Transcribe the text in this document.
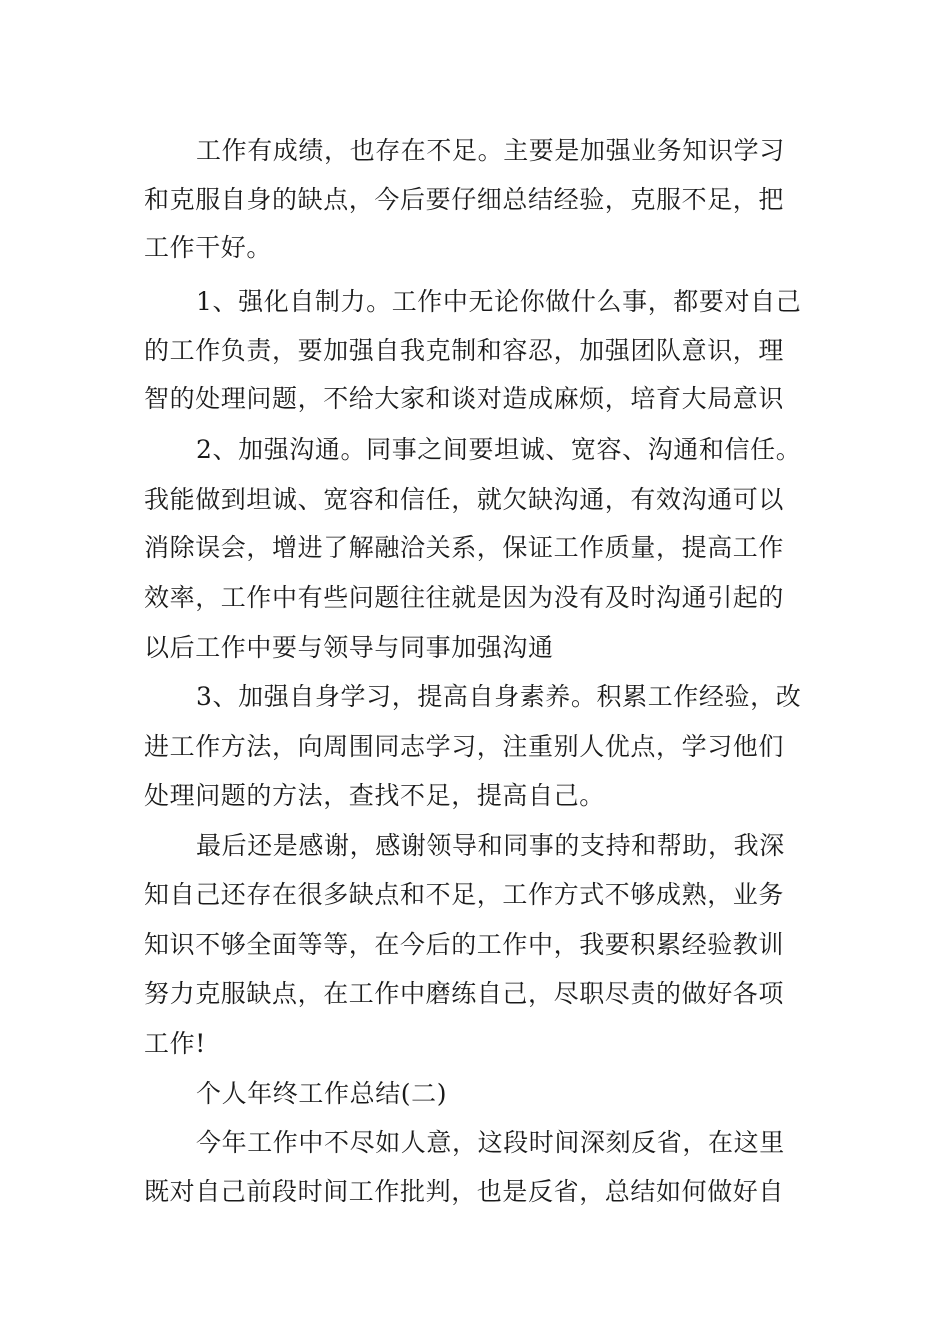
工作有成绩，也存在不足。主要是加强业务知识学习
和克服自身的缺点，今后要仔细总结经验，克服不足，把
工作干好。
1、强化自制力。工作中无论你做什么事，都要对自己
的工作负责，要加强自我克制和容忍，加强团队意识，理
智的处理问题，不给大家和谈对造成麻烦，培育大局意识
2、加强沟通。同事之间要坦诚、宽容、沟通和信任。
我能做到坦诚、宽容和信任，就欠缺沟通，有效沟通可以
消除误会，增进了解融洽关系，保证工作质量，提高工作
效率，工作中有些问题往往就是因为没有及时沟通引起的
以后工作中要与领导与同事加强沟通
3、加强自身学习，提高自身素养。积累工作经验，改
进工作方法，向周围同志学习，注重别人优点，学习他们
处理问题的方法，查找不足，提高自己。
最后还是感谢，感谢领导和同事的支持和帮助，我深
知自己还存在很多缺点和不足，工作方式不够成熟，业务
知识不够全面等等，在今后的工作中，我要积累经验教训
努力克服缺点，在工作中磨练自己，尽职尽责的做好各项
工作!
个人年终工作总结(二)
今年工作中不尽如人意，这段时间深刻反省，在这里
既对自己前段时间工作批判，也是反省，总结如何做好自
